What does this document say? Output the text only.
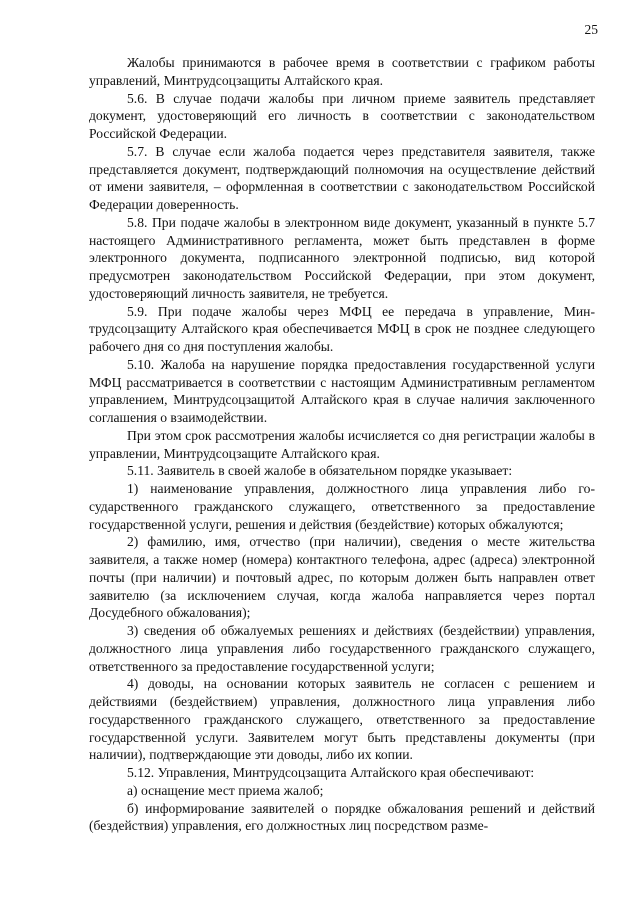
25

Жалобы принимаются в рабочее время в соответствии с графиком работы управлений, Минтрудсоцзащиты Алтайского края.

5.6. В случае подачи жалобы при личном приеме заявитель представляет документ, удостоверяющий его личность в соответствии с законодательством Российской Федерации.

5.7. В случае если жалоба подается через представителя заявителя, также представляется документ, подтверждающий полномочия на осуществление действий от имени заявителя, – оформленная в соответствии с законодательством Российской Федерации доверенность.

5.8. При подаче жалобы в электронном виде документ, указанный в пункте 5.7 настоящего Административного регламента, может быть представлен в форме электронного документа, подписанного электронной подписью, вид которой предусмотрен законодательством Российской Федерации, при этом документ, удостоверяющий личность заявителя, не требуется.

5.9. При подаче жалобы через МФЦ ее передача в управление, Минтрудсоцзащиту Алтайского края обеспечивается МФЦ в срок не позднее следующего рабочего дня со дня поступления жалобы.

5.10. Жалоба на нарушение порядка предоставления государственной услуги МФЦ рассматривается в соответствии с настоящим Административным регламентом управлением, Минтрудсоцзащитой Алтайского края в случае наличия заключенного соглашения о взаимодействии.

При этом срок рассмотрения жалобы исчисляется со дня регистрации жалобы в управлении, Минтрудсоцзащите Алтайского края.

5.11. Заявитель в своей жалобе в обязательном порядке указывает:

1) наименование управления, должностного лица управления либо государственного гражданского служащего, ответственного за предоставление государственной услуги, решения и действия (бездействие) которых обжалуются;

2) фамилию, имя, отчество (при наличии), сведения о месте жительства заявителя, а также номер (номера) контактного телефона, адрес (адреса) электронной почты (при наличии) и почтовый адрес, по которым должен быть направлен ответ заявителю (за исключением случая, когда жалоба направляется через портал Досудебного обжалования);

3) сведения об обжалуемых решениях и действиях (бездействии) управления, должностного лица управления либо государственного гражданского служащего, ответственного за предоставление государственной услуги;

4) доводы, на основании которых заявитель не согласен с решением и действиями (бездействием) управления, должностного лица управления либо государственного гражданского служащего, ответственного за предоставление государственной услуги. Заявителем могут быть представлены документы (при наличии), подтверждающие эти доводы, либо их копии.

5.12. Управления, Минтрудсоцзащита Алтайского края обеспечивают:

а) оснащение мест приема жалоб;

б) информирование заявителей о порядке обжалования решений и действий (бездействия) управления, его должностных лиц посредством разме-
